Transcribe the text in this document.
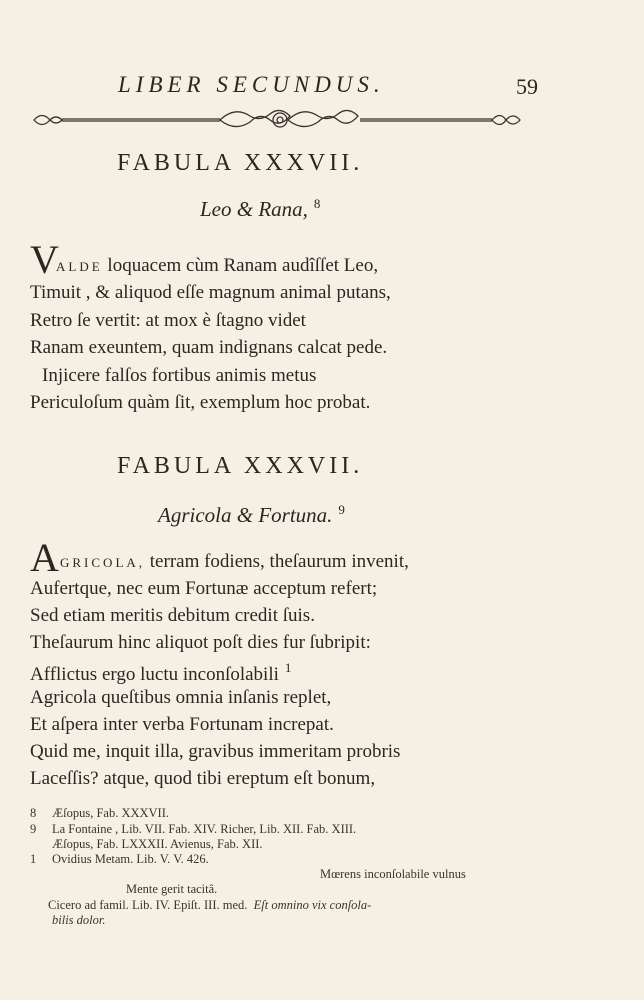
LIBER SECUNDUS.	59
FABULA XXXVII.
Leo & Rana, $^8$
V
ALDE loquacem cùm Ranam audîſſet Leo,
Timuit , & aliquod eſſe magnum animal putans,
Retro ſe vertit: at mox è ſtagno videt
Ranam exeuntem, quam indignans calcat pede.
Injicere falſos fortibus animis metus
Periculoſum quàm ſit, exemplum hoc probat.
FABULA XXXVII.
Agricola & Fortuna. $^9$
A GRICOLA, terram fodiens, theſaurum invenit,
Aufertque, nec eum Fortunæ acceptum refert;
Sed etiam meritis debitum credit ſuis.
Theſaurum hinc aliquot poſt dies fur ſubripit:
Afflictus ergo luctu inconſolabili $^1$
Agricola queſtibus omnia inſanis replet,
Et aſpera inter verba Fortunam increpat.
Quid me, inquit illa, gravibus immeritam probris
Laceſſis? atque, quod tibi ereptum eſt bonum,
8 Æſopus, Fab. XXXVII.
9 La Fontaine , Lib. VII. Fab. XIV. Richer, Lib. XII. Fab. XIII.
Æſopus, Fab. LXXXII. Avienus, Fab. XII.
1 Ovidius Metam. Lib. V. V. 426.
Mœrens inconſolabile vulnus
Mente gerit tacitâ.
Cicero ad famil. Lib. IV. Epiſt. III. med. Eſt omnino vix conſola-
bilis dolor.
